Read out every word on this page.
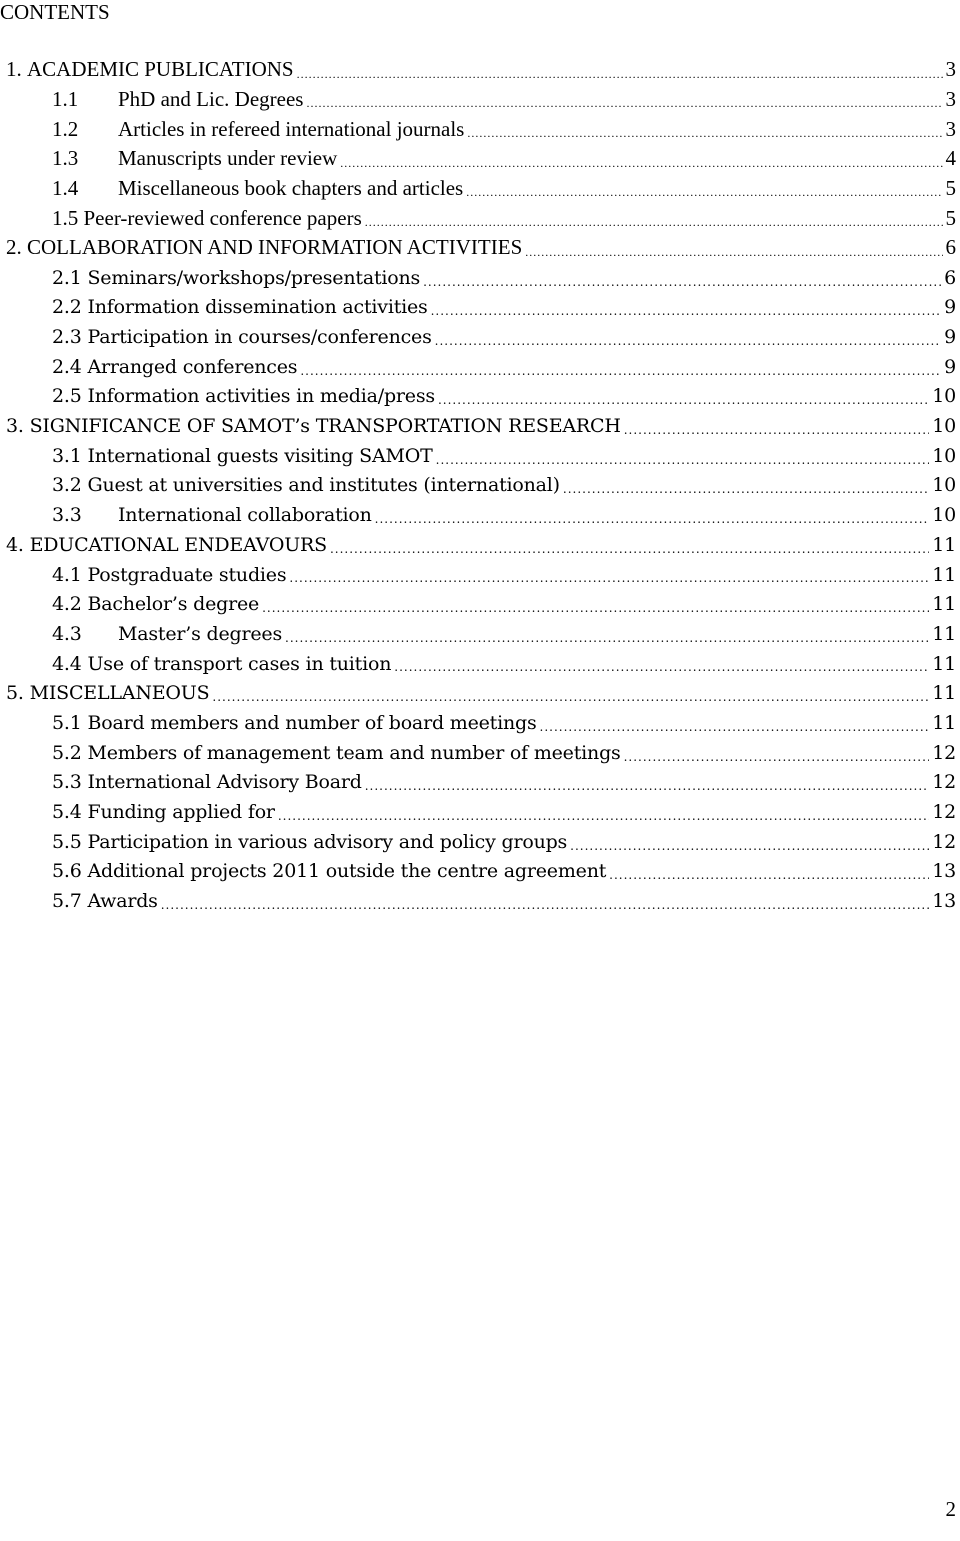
CONTENTS
1.
ACADEMIC PUBLICATIONS .....	3
1.1	PhD and Lic. Degrees .....	3
1.2	Articles in refereed international journals .....	3
1.3	Manuscripts under review .....	4
1.4	Miscellaneous book chapters and articles .....	5
1.5
Peer-reviewed conference papers .....	5
2.
COLLABORATION AND INFORMATION ACTIVITIES .....	6
2.1
Seminars/workshops/presentations .....	6
2.2
Information dissemination activities .....	9
2.3
Participation in courses/conferences .....	9
2.4
Arranged conferences .....	9
2.5
Information activities in media/press .....	10
3.
SIGNIFICANCE OF SAMOT’s TRANSPORTATION RESEARCH .....	10
3.1
International guests visiting SAMOT .....	10
3.2
Guest at universities and institutes (international) .....	10
3.3	International collaboration .....	10
4.
EDUCATIONAL ENDEAVOURS .....	11
4.1
Postgraduate studies .....	11
4.2
Bachelor’s degree .....	11
4.3	Master’s degrees .....	11
4.4
Use of transport cases in tuition .....	11
5.
MISCELLANEOUS .....	11
5.1
Board members and number of board meetings .....	11
5.2
Members of management team and number of meetings .....	12
5.3
International Advisory Board .....	12
5.4
Funding applied for .....	12
5.5
Participation in various advisory and policy groups .....	12
5.6
Additional projects 2011 outside the centre agreement .....	13
5.7
Awards .....	13
2
